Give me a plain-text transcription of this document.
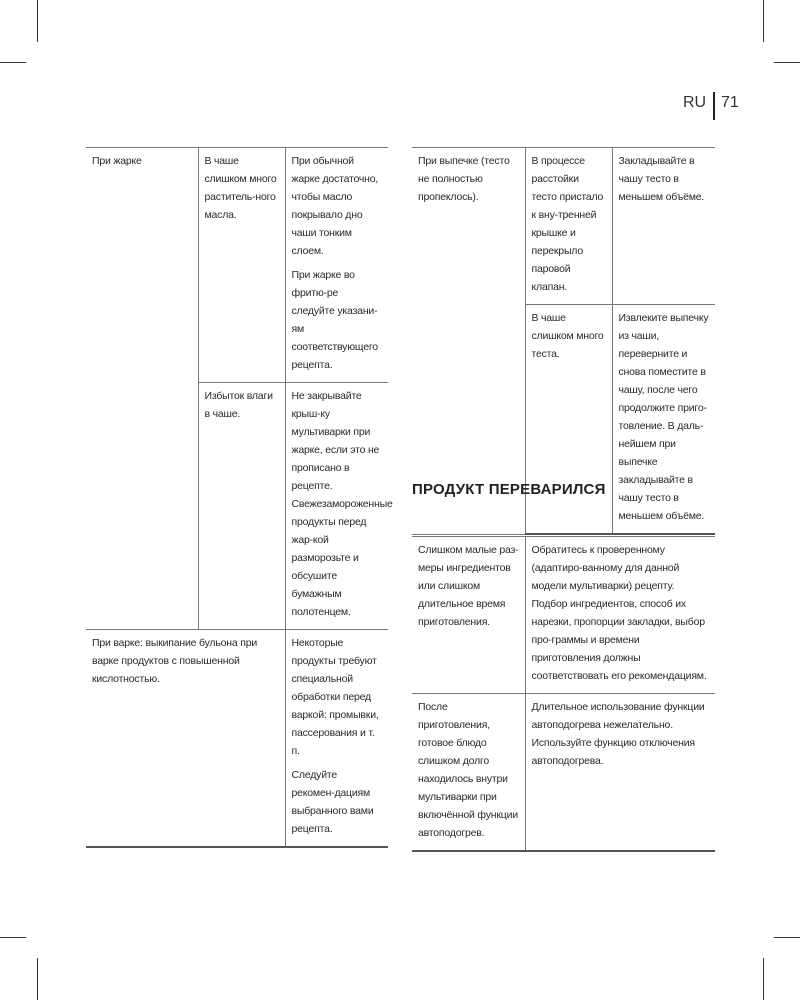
RU 71

При жарке	В чаше слишком много раститель-ного масла.	При обычной жарке достаточно, чтобы масло покрывало дно чаши тонким слоем.

При жарке во фритю-ре следуйте указани-ям соответствующего рецепта.

	Избыток влаги в чаше.	Не закрывайте крыш-ку мультиварки при жарке, если это не прописано в рецепте. Свежезамороженные продукты перед жар-кой разморозьте и обсушите бумажным полотенцем.

При варке: выкипание бульона при варке продуктов с повышенной кислотностью.		Некоторые продукты требуют специальной обработки перед варкой: промывки, пассерования и т. п.

Следуйте рекомен-дациям выбранного вами рецепта.

При выпечке (тесто не полностью пропеклось).	В процессе расстойки тесто пристало к вну-тренней крышке и перекрыло паровой клапан.	Закладывайте в чашу тесто в меньшем объёме.

	В чаше слишком много теста.	Извлеките выпечку из чаши, переверните и снова поместите в чашу, после чего продолжите приго-товление. В даль-нейшем при выпечке закладывайте в чашу тесто в меньшем объёме.

ПРОДУКТ ПЕРЕВАРИЛСЯ

Слишком малые раз-меры ингредиентов или слишком длительное время приготовления.	Обратитесь к проверенному (адаптиро-ванному для данной модели мультиварки) рецепту. Подбор ингредиентов, способ их нарезки, пропорции закладки, выбор про-граммы и времени приготовления должны соответствовать его рекомендациям.

После приготовления, готовое блюдо слишком долго находилось внутри мультиварки при включённой функции автоподогрев.	Длительное использование функции автоподогрева нежелательно. Используйте функцию отключения автоподогрева.
